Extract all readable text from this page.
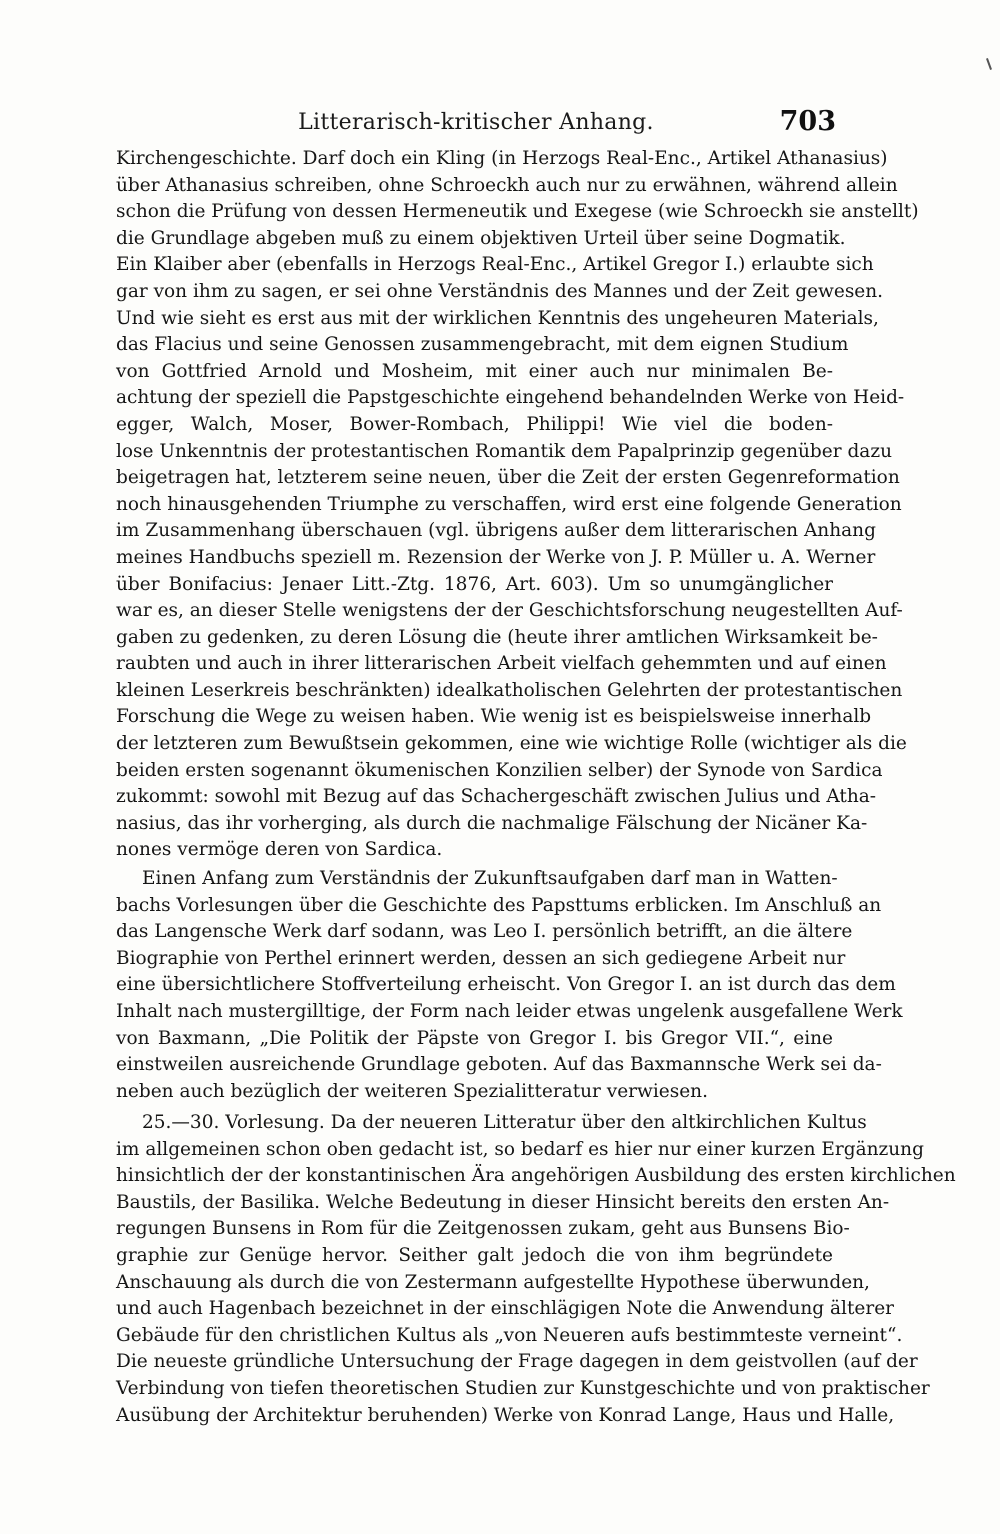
Litterarisch-kritischer Anhang.	703
Kirchengeschichte. Darf doch ein Kling (in Herzogs Real-Enc., Artikel Athanasius)
über Athanasius schreiben, ohne Schroeckh auch nur zu erwähnen, während allein
schon die Prüfung von dessen Hermeneutik und Exegese (wie Schroeckh sie anstellt)
die Grundlage abgeben muß zu einem objektiven Urteil über seine Dogmatik.
Ein Klaiber aber (ebenfalls in Herzogs Real-Enc., Artikel Gregor I.) erlaubte sich
gar von ihm zu sagen, er sei ohne Verständnis des Mannes und der Zeit gewesen.
Und wie sieht es erst aus mit der wirklichen Kenntnis des ungeheuren Materials,
das Flacius und seine Genossen zusammengebracht, mit dem eignen Studium
von Gottfried Arnold und Mosheim, mit einer auch nur minimalen Be-
achtung der speziell die Papstgeschichte eingehend behandelnden Werke von Heid-
egger, Walch, Moser, Bower-Rombach, Philippi! Wie viel die boden-
lose Unkenntnis der protestantischen Romantik dem Papalprinzip gegenüber dazu
beigetragen hat, letzterem seine neuen, über die Zeit der ersten Gegenreformation
noch hinausgehenden Triumphe zu verschaffen, wird erst eine folgende Generation
im Zusammenhang überschauen (vgl. übrigens außer dem litterarischen Anhang
meines Handbuchs speziell m. Rezension der Werke von J. P. Müller u. A. Werner
über Bonifacius: Jenaer Litt.-Ztg. 1876, Art. 603). Um so unumgänglicher
war es, an dieser Stelle wenigstens der der Geschichtsforschung neugestellten Auf-
gaben zu gedenken, zu deren Lösung die (heute ihrer amtlichen Wirksamkeit be-
raubten und auch in ihrer litterarischen Arbeit vielfach gehemmten und auf einen
kleinen Leserkreis beschränkten) idealkatholischen Gelehrten der protestantischen
Forschung die Wege zu weisen haben. Wie wenig ist es beispielsweise innerhalb
der letzteren zum Bewußtsein gekommen, eine wie wichtige Rolle (wichtiger als die
beiden ersten sogenannt ökumenischen Konzilien selber) der Synode von Sardica
zukommt: sowohl mit Bezug auf das Schachergeschäft zwischen Julius und Atha-
nasius, das ihr vorherging, als durch die nachmalige Fälschung der Nicäner Ka-
nones vermöge deren von Sardica.
Einen Anfang zum Verständnis der Zukunftsaufgaben darf man in Watten-
bachs Vorlesungen über die Geschichte des Papsttums erblicken. Im Anschluß an
das Langensche Werk darf sodann, was Leo I. persönlich betrifft, an die ältere
Biographie von Perthel erinnert werden, dessen an sich gediegene Arbeit nur
eine übersichtlichere Stoffverteilung erheischt. Von Gregor I. an ist durch das dem
Inhalt nach mustergilltige, der Form nach leider etwas ungelenk ausgefallene Werk
von Baxmann, „Die Politik der Päpste von Gregor I. bis Gregor VII.“, eine
einstweilen ausreichende Grundlage geboten. Auf das Baxmannsche Werk sei da-
neben auch bezüglich der weiteren Spezialitteratur verwiesen.
25.—30. Vorlesung. Da der neueren Litteratur über den altkirchlichen Kultus
im allgemeinen schon oben gedacht ist, so bedarf es hier nur einer kurzen Ergänzung
hinsichtlich der der konstantinischen Ära angehörigen Ausbildung des ersten kirchlichen
Baustils, der Basilika. Welche Bedeutung in dieser Hinsicht bereits den ersten An-
regungen Bunsens in Rom für die Zeitgenossen zukam, geht aus Bunsens Bio-
graphie zur Genüge hervor. Seither galt jedoch die von ihm begründete
Anschauung als durch die von Zestermann aufgestellte Hypothese überwunden,
und auch Hagenbach bezeichnet in der einschlägigen Note die Anwendung älterer
Gebäude für den christlichen Kultus als „von Neueren aufs bestimmteste verneint“.
Die neueste gründliche Untersuchung der Frage dagegen in dem geistvollen (auf der
Verbindung von tiefen theoretischen Studien zur Kunstgeschichte und von praktischer
Ausübung der Architektur beruhenden) Werke von Konrad Lange, Haus und Halle,
